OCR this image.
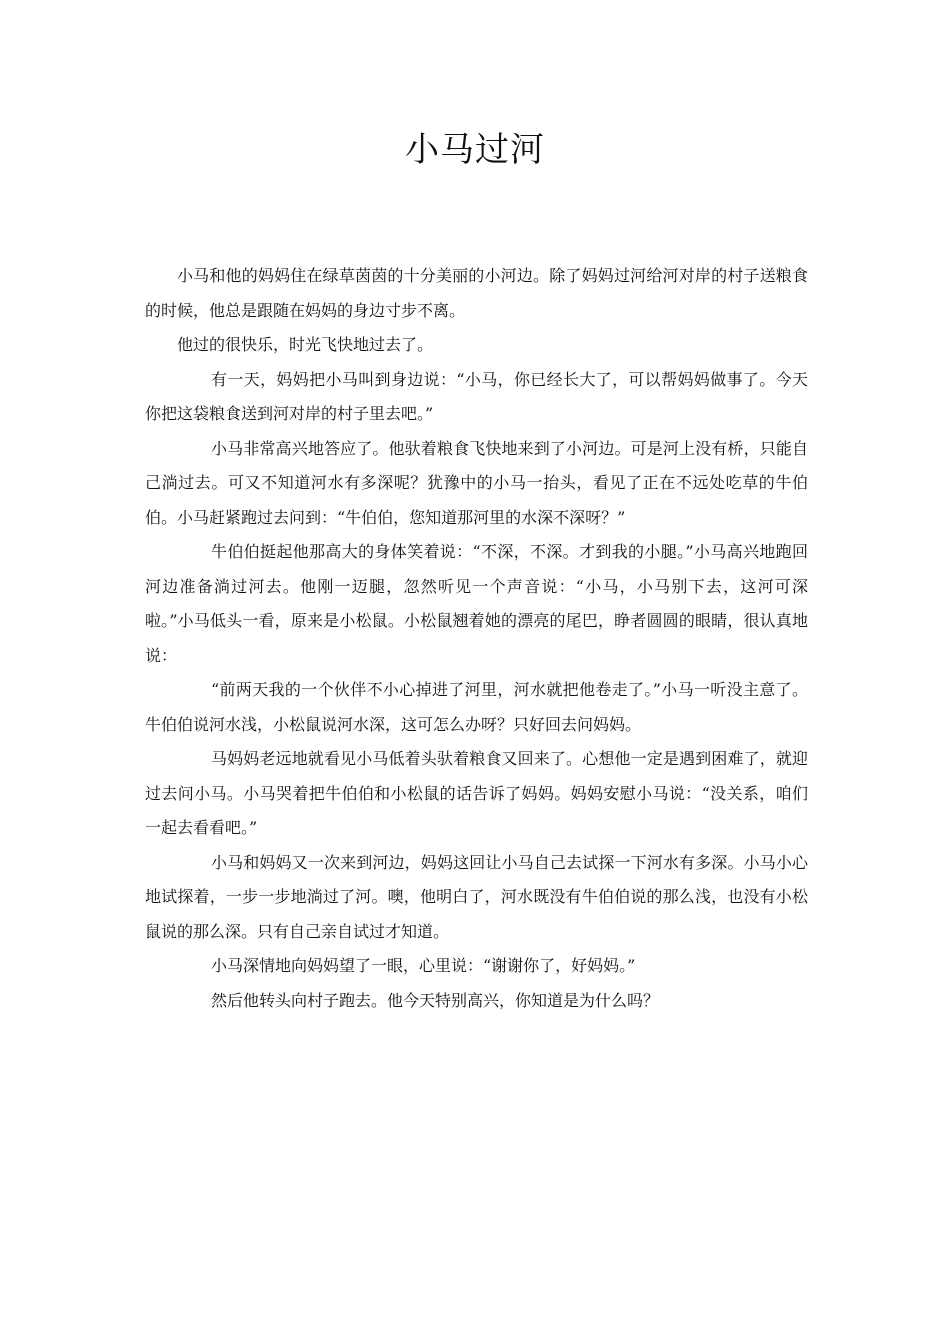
小马过河

小马和他的妈妈住在绿草茵茵的十分美丽的小河边。除了妈妈过河给河对岸的村子送粮食的时候，他总是跟随在妈妈的身边寸步不离。

他过的很快乐，时光飞快地过去了。

有一天，妈妈把小马叫到身边说：“小马，你已经长大了，可以帮妈妈做事了。今天你把这袋粮食送到河对岸的村子里去吧。”

小马非常高兴地答应了。他驮着粮食飞快地来到了小河边。可是河上没有桥，只能自己淌过去。可又不知道河水有多深呢？犹豫中的小马一抬头，看见了正在不远处吃草的牛伯伯。小马赶紧跑过去问到：“牛伯伯，您知道那河里的水深不深呀？”

牛伯伯挺起他那高大的身体笑着说：“不深，不深。才到我的小腿。”小马高兴地跑回河边准备淌过河去。他刚一迈腿，忽然听见一个声音说：“小马，小马别下去，这河可深啦。”小马低头一看，原来是小松鼠。小松鼠翘着她的漂亮的尾巴，睁者圆圆的眼睛，很认真地说：

“前两天我的一个伙伴不小心掉进了河里，河水就把他卷走了。”小马一听没主意了。牛伯伯说河水浅，小松鼠说河水深，这可怎么办呀？只好回去问妈妈。

马妈妈老远地就看见小马低着头驮着粮食又回来了。心想他一定是遇到困难了，就迎过去问小马。小马哭着把牛伯伯和小松鼠的话告诉了妈妈。妈妈安慰小马说：“没关系，咱们一起去看看吧。”

小马和妈妈又一次来到河边，妈妈这回让小马自己去试探一下河水有多深。小马小心地试探着，一步一步地淌过了河。噢，他明白了，河水既没有牛伯伯说的那么浅，也没有小松鼠说的那么深。只有自己亲自试过才知道。

小马深情地向妈妈望了一眼，心里说：“谢谢你了，好妈妈。”

然后他转头向村子跑去。他今天特别高兴，你知道是为什么吗？
